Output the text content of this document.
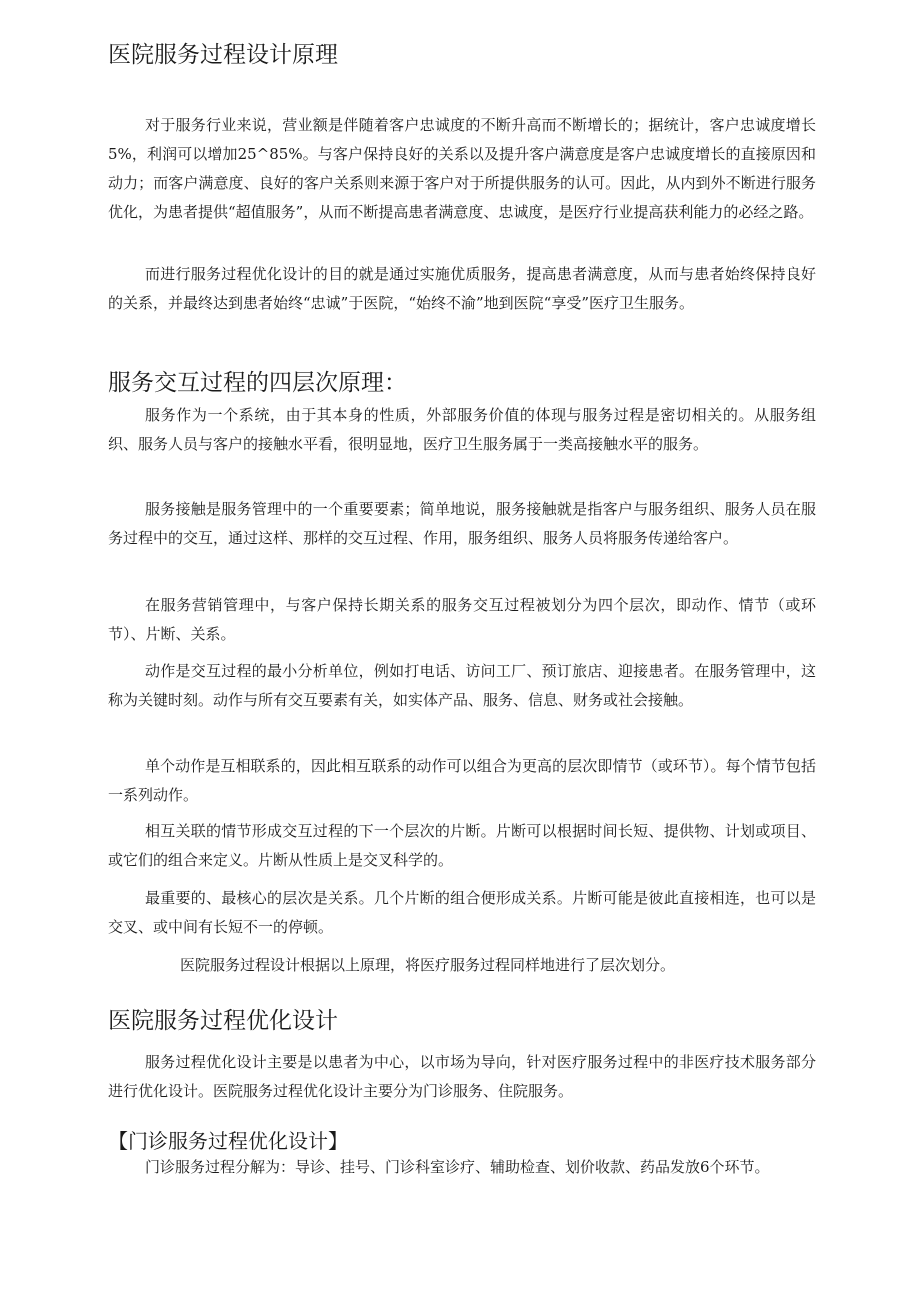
医院服务过程设计原理

对于服务行业来说，营业额是伴随着客户忠诚度的不断升高而不断增长的；据统计，客户忠诚度增长5%，利润可以增加25^85%。与客户保持良好的关系以及提升客户满意度是客户忠诚度增长的直接原因和动力；而客户满意度、良好的客户关系则来源于客户对于所提供服务的认可。因此，从内到外不断进行服务优化，为患者提供“超值服务”，从而不断提高患者满意度、忠诚度，是医疗行业提高获利能力的必经之路。

而进行服务过程优化设计的目的就是通过实施优质服务，提高患者满意度，从而与患者始终保持良好的关系，并最终达到患者始终“忠诚”于医院，“始终不渝”地到医院“享受”医疗卫生服务。

服务交互过程的四层次原理：

服务作为一个系统，由于其本身的性质，外部服务价值的体现与服务过程是密切相关的。从服务组织、服务人员与客户的接触水平看，很明显地，医疗卫生服务属于一类高接触水平的服务。

服务接触是服务管理中的一个重要要素；简单地说，服务接触就是指客户与服务组织、服务人员在服务过程中的交互，通过这样、那样的交互过程、作用，服务组织、服务人员将服务传递给客户。

在服务营销管理中，与客户保持长期关系的服务交互过程被划分为四个层次，即动作、情节（或环节）、片断、关系。

动作是交互过程的最小分析单位，例如打电话、访问工厂、预订旅店、迎接患者。在服务管理中，这称为关键时刻。动作与所有交互要素有关，如实体产品、服务、信息、财务或社会接触。

单个动作是互相联系的，因此相互联系的动作可以组合为更高的层次即情节（或环节）。每个情节包括一系列动作。

相互关联的情节形成交互过程的下一个层次的片断。片断可以根据时间长短、提供物、计划或项目、或它们的组合来定义。片断从性质上是交叉科学的。

最重要的、最核心的层次是关系。几个片断的组合便形成关系。片断可能是彼此直接相连，也可以是交叉、或中间有长短不一的停顿。

医院服务过程设计根据以上原理，将医疗服务过程同样地进行了层次划分。

医院服务过程优化设计

服务过程优化设计主要是以患者为中心，以市场为导向，针对医疗服务过程中的非医疗技术服务部分进行优化设计。医院服务过程优化设计主要分为门诊服务、住院服务。

【门诊服务过程优化设计】

门诊服务过程分解为：导诊、挂号、门诊科室诊疗、辅助检查、划价收款、药品发放6个环节。
